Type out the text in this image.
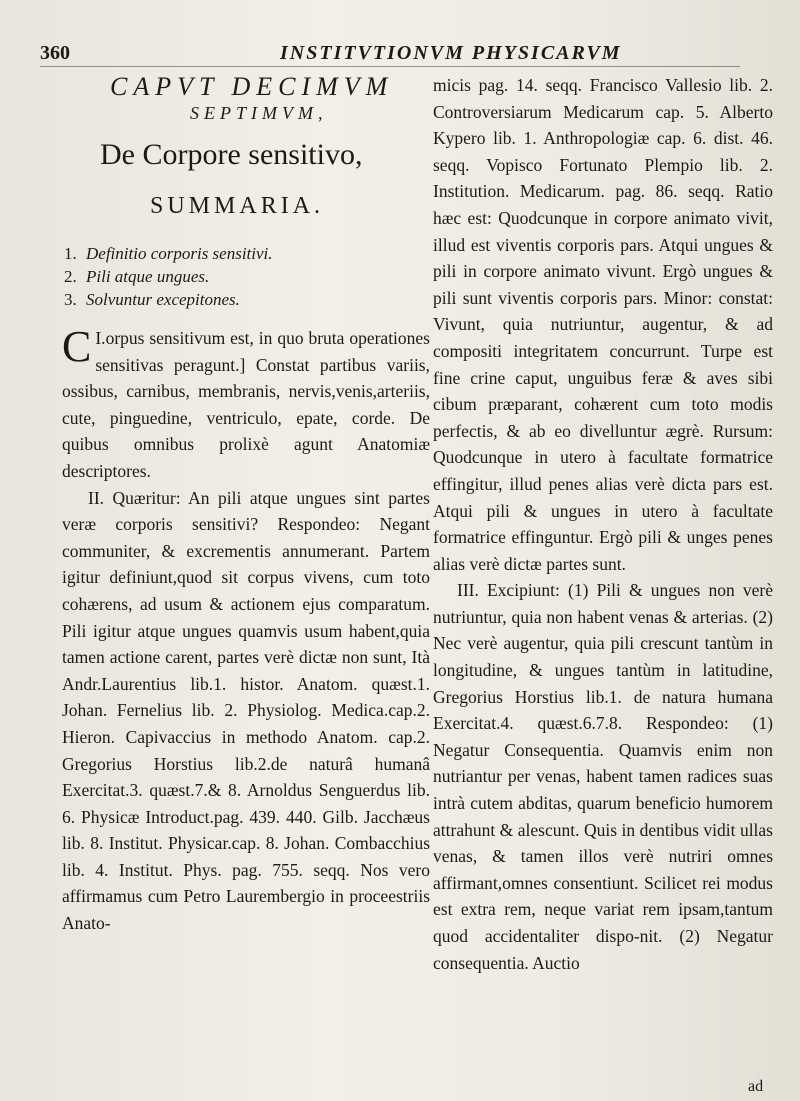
360	INSTITVTIONVM PHYSICARVM
CAPVT DECIMVM
SEPTIMVM,
De Corpore sensitivo,
SUMMARIA.
1. Definitio corporis sensitivi.
2. Pili atque ungues.
3. Solvuntur excepitones.

I.
C orpus sensitivum est, in quo bruta operationes sensitivas peragunt.] Constat partibus variis, ossibus, carnibus, membranis, nervis,venis,arteriis, cute, pinguedine, ventriculo, epate, corde. De quibus omnibus prolixè agunt Anatomiæ descriptores.

II. Quæritur: An pili atque ungues sint partes veræ corporis sensitivi? Respondeo: Negant communiter, & excrementis annumerant. Partem igitur definiunt,quod sit corpus vivens, cum toto cohærens, ad usum & actionem ejus comparatum. Pili igitur atque ungues quamvis usum habent,quia tamen actione carent, partes verè dictæ non sunt, Ità Andr.Laurentius lib.1. histor. Anatom. quæst.1. Johan. Fernelius lib. 2. Physiolog. Medica.cap.2. Hieron. Capivaccius in methodo Anatom. cap.2. Gregorius Horstius lib.2.de naturâ humanâ Exercitat.3. quæst.7.& 8. Arnoldus Senguerdus lib. 6. Physicæ Introduct.pag. 439. 440. Gilb. Jacchæus lib. 8. Institut. Physicar.cap. 8. Johan. Combacchius lib. 4. Institut. Phys. pag. 755. seqq. Nos vero affirmamus cum Petro Laurembergio in proceestriis Anato-

micis pag. 14. seqq. Francisco Vallesio lib. 2. Controversiarum Medicarum cap. 5. Alberto Kypero lib. 1. Anthropologiæ cap. 6. dist. 46. seqq. Vopisco Fortunato Plempio lib. 2. Institution. Medicarum. pag. 86. seqq. Ratio hæc est: Quodcunque in corpore animato vivit, illud est viventis corporis pars. Atqui ungues & pili in corpore animato vivunt. Ergò ungues & pili sunt viventis corporis pars. Minor: constat: Vivunt, quia nutriuntur, augentur, & ad compositi integritatem concurrunt. Turpe est fine crine caput, unguibus feræ & aves sibi cibum præparant, cohærent cum toto modis perfectis, & ab eo divelluntur ægrè. Rursum: Quodcunque in utero à facultate formatrice effingitur, illud penes alias verè dicta pars est. Atqui pili & ungues in utero à facultate formatrice effinguntur. Ergò pili & unges penes alias verè dictæ partes sunt.

III. Excipiunt: (1) Pili & ungues non verè nutriuntur, quia non habent venas & arterias. (2) Nec verè augentur, quia pili crescunt tantùm in longitudine, & ungues tantùm in latitudine, Gregorius Horstius lib.1. de natura humana Exercitat.4. quæst.6.7.8. Respondeo: (1) Negatur Consequentia. Quamvis enim non nutriantur per venas, habent tamen radices suas intrà cutem abditas, quarum beneficio humorem attrahunt & alescunt. Quis in dentibus vidit ullas venas, & tamen illos verè nutriri omnes affirmant,omnes consentiunt. Scilicet rei modus est extra rem, neque variat rem ipsam,tantum quod accidentaliter dispo-nit. (2) Negatur consequentia. Auctio

ad
